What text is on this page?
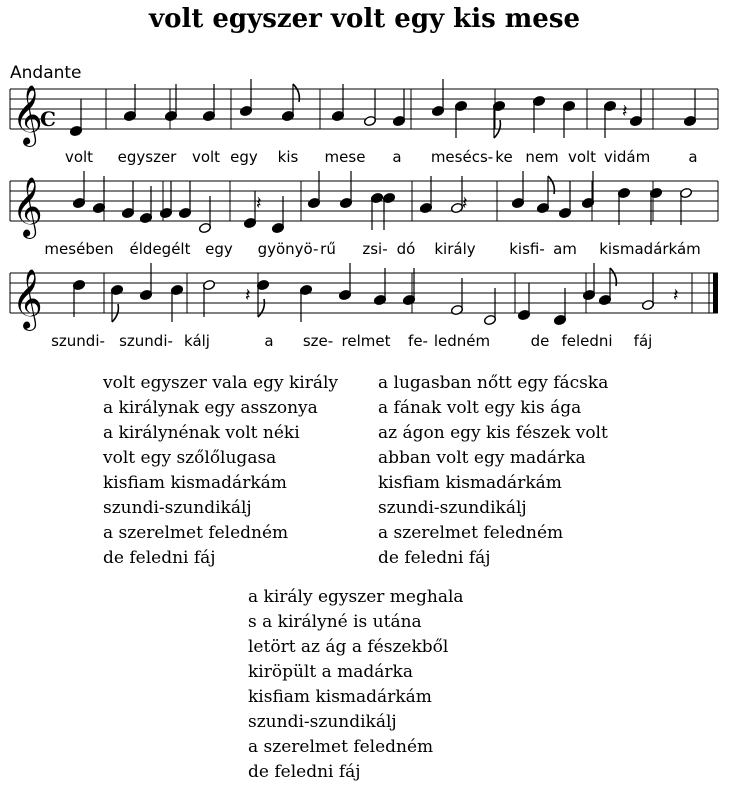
volt egyszer volt egy kis mese
Andante
𝄞
𝄞
𝄞
𝄽
𝄽	𝄽
𝄽	𝄽
C
volt egyszer volt egy kis mese a mesécs- ke nem volt vidám	a
mesében éldegélt egy gyönyö- rű zsi- dó király kisfi- am kismadárkám
szundi- szundi- kálj	a sze- relmet fe- ledném	de feledni fáj
volt egyszer vala egy király
a királynak egy asszonya
a királynénak volt néki
volt egy szőlőlugasa
kisfiam kismadárkám
szundi-szundikálj
a szerelmet feledném
de feledni fáj
a lugasban nőtt egy fácska
a fának volt egy kis ága
az ágon egy kis fészek volt
abban volt egy madárka
kisfiam kismadárkám
szundi-szundikálj
a szerelmet feledném
de feledni fáj
a király egyszer meghala
s a királyné is utána
letört az ág a fészekből
kiröpült a madárka
kisfiam kismadárkám
szundi-szundikálj
a szerelmet feledném
de feledni fáj
